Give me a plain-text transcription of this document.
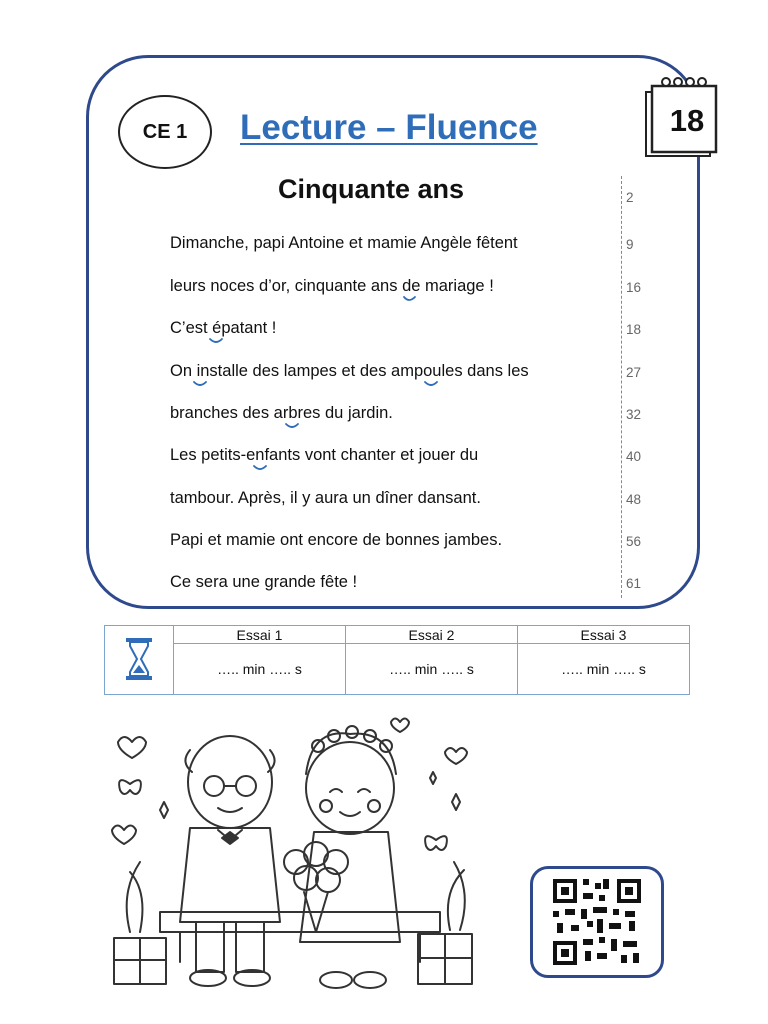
CE 1	Lecture – Fluence	18
Cinquante ans	2
Dimanche, papi Antoine et mamie Angèle fêtent	9
leurs noces d’or, cinquante ans de mariage !	16
C’est épatant !	18
On installe des lampes et des ampoules dans les	27
branches des arbres du jardin.	32
Les petits-enfants vont chanter et jouer du	40
tambour. Après, il y aura un dîner dansant.	48
Papi et mamie ont encore de bonnes jambes.	56
Ce sera une grande fête !	61
	Essai 1	Essai 2	Essai 3
	….. min ….. s	….. min ….. s	….. min ….. s
